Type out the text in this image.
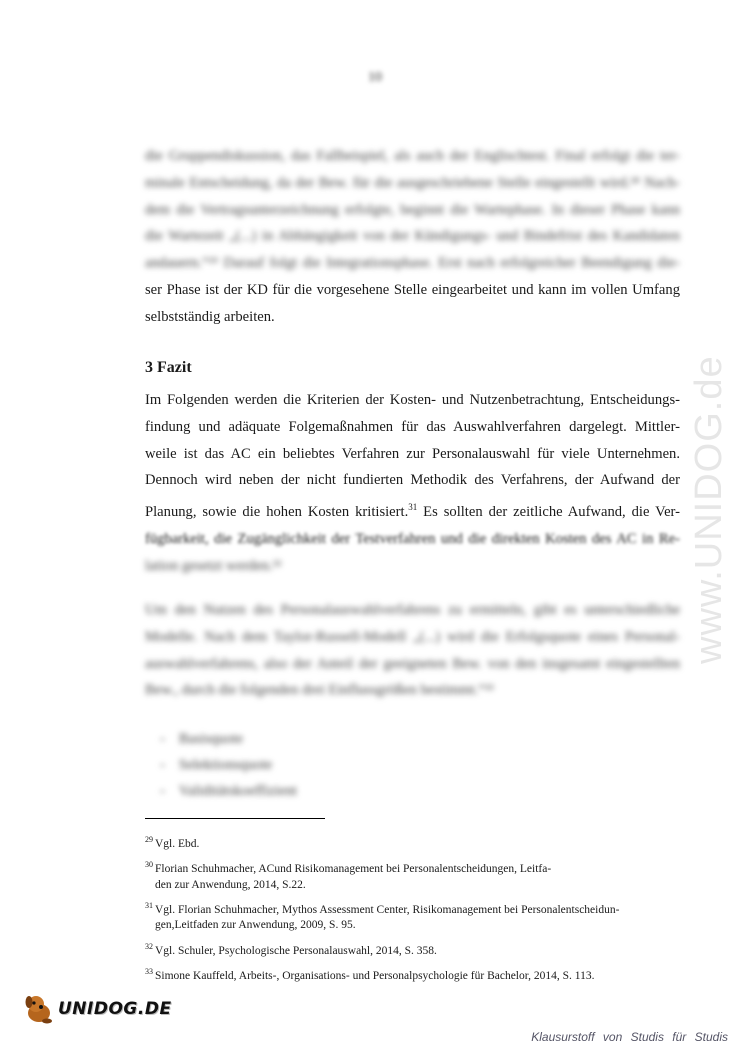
10
die Gruppendiskussion, das Fallbeispiel, als auch der Englischtest. Final erfolgt die ter-
minale Entscheidung, da der Bew. für die ausgeschriebene Stelle eingestellt wird.²⁸ Nach-
dem die Vertragsunterzeichnung erfolgte, beginnt die Wartephase. In dieser Phase kann
die Wartezeit „(...) in Abhängigkeit von der Kündigungs- und Bindefrist des Kandidaten
andauern.“²⁹ Darauf folgt die Integrationsphase. Erst nach erfolgreicher Beendigung die-
ser Phase ist der KD für die vorgesehene Stelle eingearbeitet und kann im vollen Umfang
selbstständig arbeiten.
3 Fazit
Im Folgenden werden die Kriterien der Kosten- und Nutzenbetrachtung, Entscheidungs-
findung und adäquate Folgemaßnahmen für das Auswahlverfahren dargelegt. Mittler-
weile ist das AC ein beliebtes Verfahren zur Personalauswahl für viele Unternehmen.
Dennoch wird neben der nicht fundierten Methodik des Verfahrens, der Aufwand der
Planung, sowie die hohen Kosten kritisiert.$^{31}$ Es sollten der zeitliche Aufwand, die Ver-
fügbarkeit, die Zugänglichkeit der Testverfahren und die direkten Kosten des AC in Re-
lation gesetzt werden.³²
Um den Nutzen des Personalauswahlverfahrens zu ermitteln, gibt es unterschiedliche
Modelle. Nach dem Taylor-Russell-Modell „(...) wird die Erfolgsquote eines Personal-
auswahlverfahrens, also der Anteil der geeigneten Bew. von den insgesamt eingestellten
Bew., durch die folgenden drei Einflussgrößen bestimmt.“³³
- Basisquote
- Selektionsquote
- Validitätskoeffizient
$^{29}$ Vgl. Ebd.
$^{30}$ Florian Schuhmacher, ACund Risikomanagement bei Personalentscheidungen, Leitfa-
den zur Anwendung, 2014, S.22.
$^{31}$ Vgl. Florian Schuhmacher, Mythos Assessment Center, Risikomanagement bei Personalentscheidun-
gen,Leitfaden zur Anwendung, 2009, S. 95.
$^{32}$ Vgl. Schuler, Psychologische Personalauswahl, 2014, S. 358.
$^{33}$ Simone Kauffeld, Arbeits-, Organisations- und Personalpsychologie für Bachelor, 2014, S. 113.
www.UNIDOG.de
UNIDOG.DE
Klausurstoff von Studis für Studis
